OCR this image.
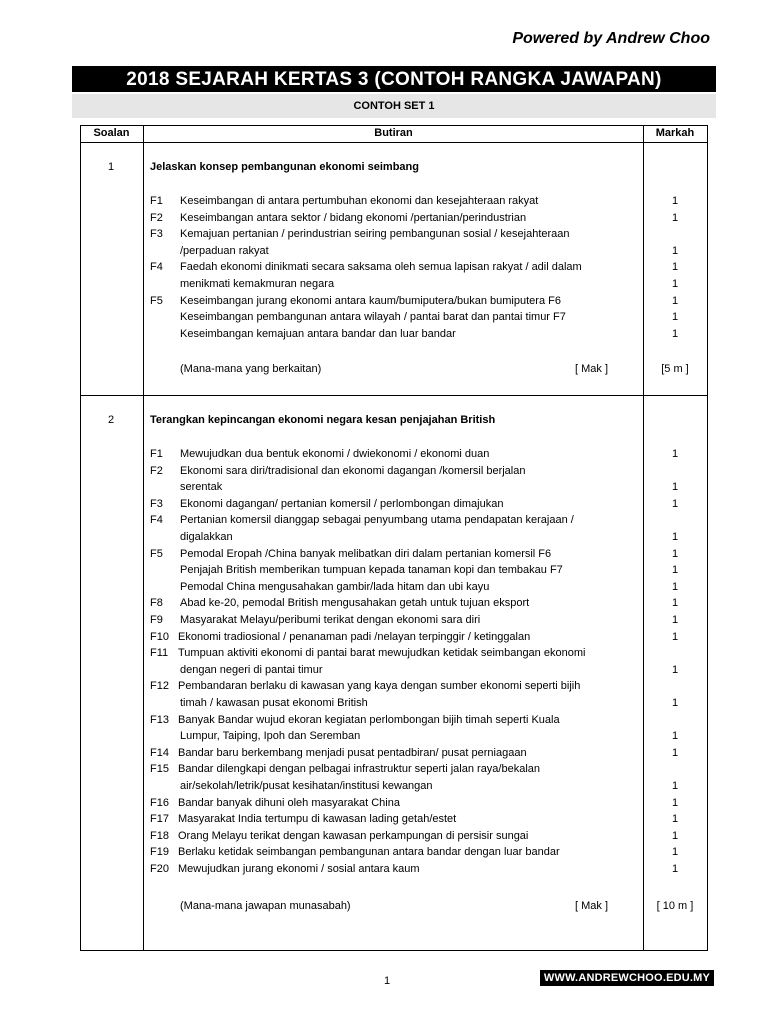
Powered by Andrew Choo
2018 SEJARAH KERTAS 3 (CONTOH RANGKA JAWAPAN)
CONTOH SET 1
Soalan	Butiran	Markah
1	Jelaskan konsep pembangunan ekonomi seimbang
F1 Keseimbangan di antara pertumbuhan ekonomi dan kesejahteraan rakyat	1
F2 Keseimbangan antara sektor / bidang ekonomi /pertanian/perindustrian	1
F3 Kemajuan pertanian / perindustrian seiring pembangunan sosial / kesejahteraan
/perpaduan rakyat	1
F4 Faedah ekonomi dinikmati secara saksama oleh semua lapisan rakyat / adil dalam	1
menikmati kemakmuran negara	1
F5 Keseimbangan jurang ekonomi antara kaum/bumiputera/bukan bumiputera F6	1
Keseimbangan pembangunan antara wilayah / pantai barat dan pantai timur F7	1
Keseimbangan kemajuan antara bandar dan luar bandar	1
(Mana-mana yang berkaitan)	[ Mak ]	[5 m ]
2	Terangkan kepincangan ekonomi negara kesan penjajahan British
F1 Mewujudkan dua bentuk ekonomi / dwiekonomi / ekonomi duan	1
F2 Ekonomi sara diri/tradisional dan ekonomi dagangan /komersil berjalan
serentak	1
F3 Ekonomi dagangan/ pertanian komersil / perlombongan dimajukan	1
F4 Pertanian komersil dianggap sebagai penyumbang utama pendapatan kerajaan /
digalakkan	1
F5 Pemodal Eropah /China banyak melibatkan diri dalam pertanian komersil F6	1
Penjajah British memberikan tumpuan kepada tanaman kopi dan tembakau F7	1
Pemodal China mengusahakan gambir/lada hitam dan ubi kayu	1
F8 Abad ke-20, pemodal British mengusahakan getah untuk tujuan eksport	1
F9 Masyarakat Melayu/peribumi terikat dengan ekonomi sara diri	1
F10 Ekonomi tradiosional / penanaman padi /nelayan terpinggir / ketinggalan	1
F11 Tumpuan aktiviti ekonomi di pantai barat mewujudkan ketidak seimbangan ekonomi
dengan negeri di pantai timur	1
F12 Pembandaran berlaku di kawasan yang kaya dengan sumber ekonomi seperti bijih
timah / kawasan pusat ekonomi British	1
F13 Banyak Bandar wujud ekoran kegiatan perlombongan bijih timah seperti Kuala
Lumpur, Taiping, Ipoh dan Seremban	1
F14 Bandar baru berkembang menjadi pusat pentadbiran/ pusat perniagaan	1
F15 Bandar dilengkapi dengan pelbagai infrastruktur seperti jalan raya/bekalan
air/sekolah/letrik/pusat kesihatan/institusi kewangan	1
F16 Bandar banyak dihuni oleh masyarakat China	1
F17 Masyarakat India tertumpu di kawasan lading getah/estet	1
F18 Orang Melayu terikat dengan kawasan perkampungan di persisir sungai	1
F19 Berlaku ketidak seimbangan pembangunan antara bandar dengan luar bandar	1
F20 Mewujudkan jurang ekonomi / sosial antara kaum	1
(Mana-mana jawapan munasabah)	[ Mak ]	[ 10 m ]
1	WWW.ANDREWCHOO.EDU.MY
